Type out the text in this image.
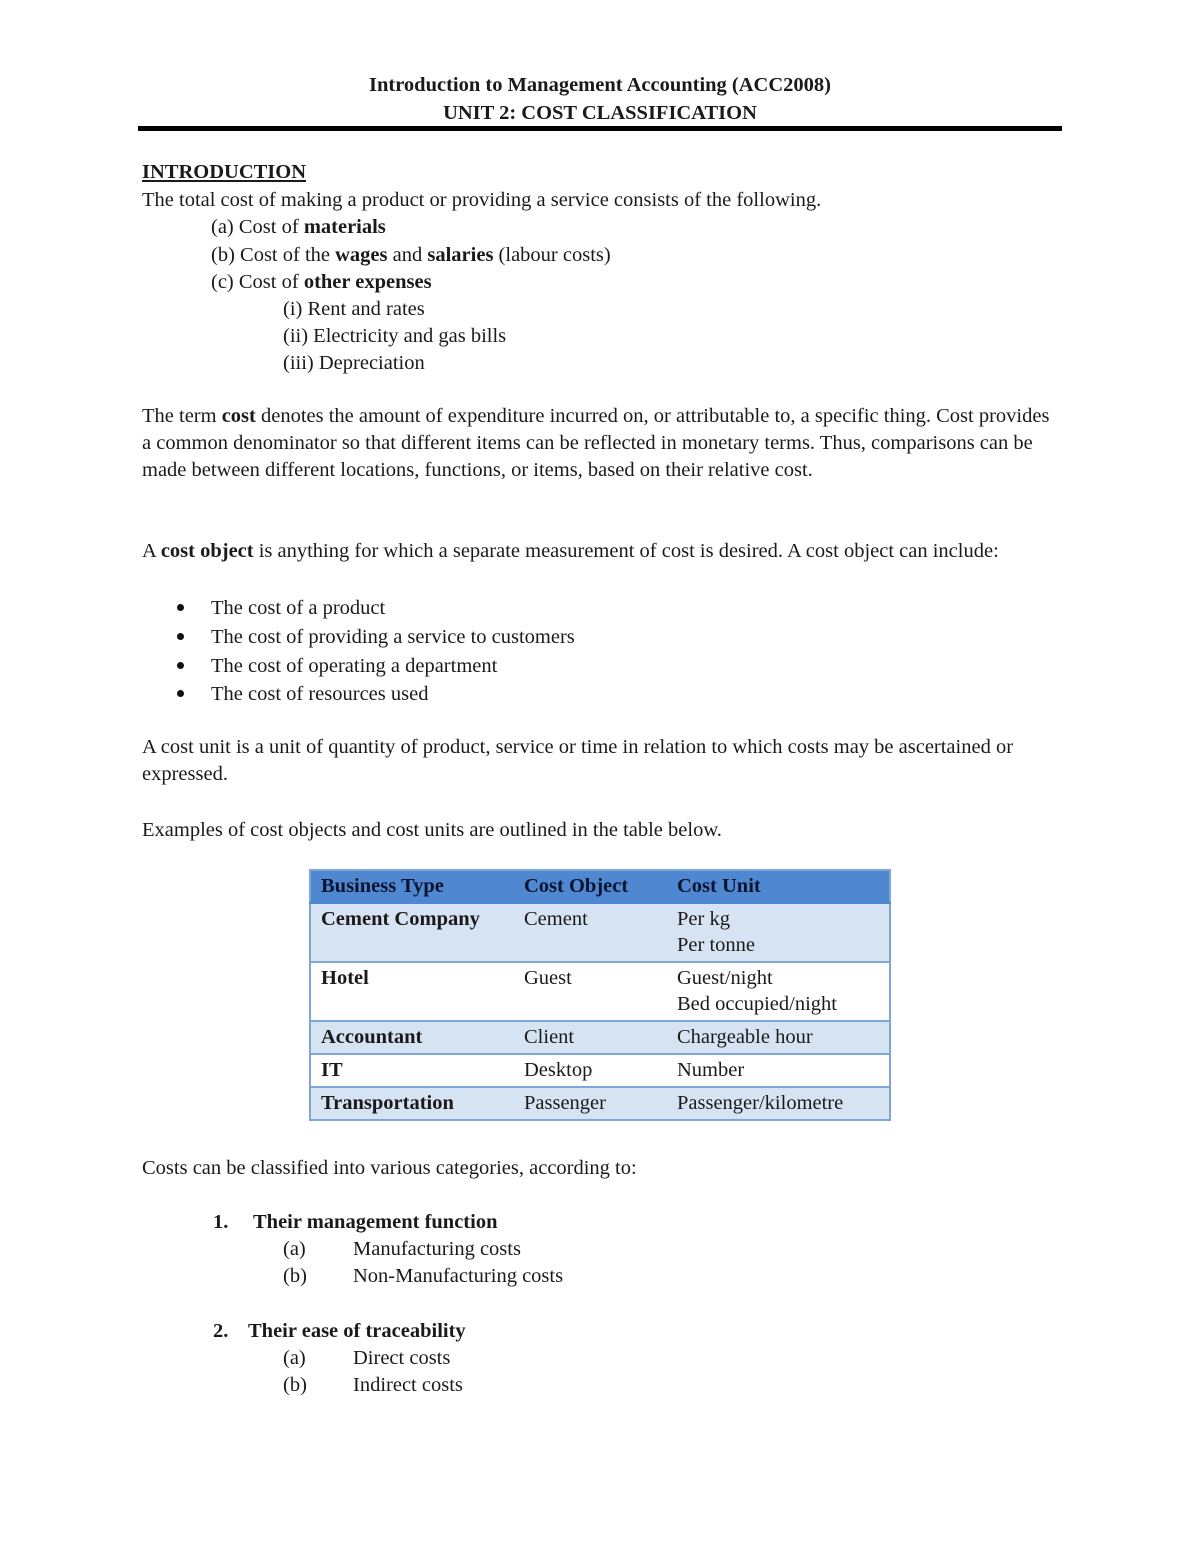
Introduction to Management Accounting (ACC2008)
UNIT 2: COST CLASSIFICATION
INTRODUCTION
The total cost of making a product or providing a service consists of the following.
(a) Cost of materials
(b) Cost of the wages and salaries (labour costs)
(c) Cost of other expenses
(i) Rent and rates
(ii) Electricity and gas bills
(iii) Depreciation
The term cost denotes the amount of expenditure incurred on, or attributable to, a specific thing. Cost provides a common denominator so that different items can be reflected in monetary terms. Thus, comparisons can be made between different locations, functions, or items, based on their relative cost.
A cost object is anything for which a separate measurement of cost is desired. A cost object can include:
The cost of a product
The cost of providing a service to customers
The cost of operating a department
The cost of resources used
A cost unit is a unit of quantity of product, service or time in relation to which costs may be ascertained or expressed.
Examples of cost objects and cost units are outlined in the table below.
Business Type	Cost Object	Cost Unit
Cement Company	Cement	Per kg
Per tonne

Hotel	Guest	Guest/night
Bed occupied/night

Accountant	Client	Chargeable hour
IT	Desktop	Number
Transportation	Passenger	Passenger/kilometre
Costs can be classified into various categories, according to:
1. Their management function
(a) Manufacturing costs
(b) Non-Manufacturing costs
2. Their ease of traceability
(a) Direct costs
(b) Indirect costs
